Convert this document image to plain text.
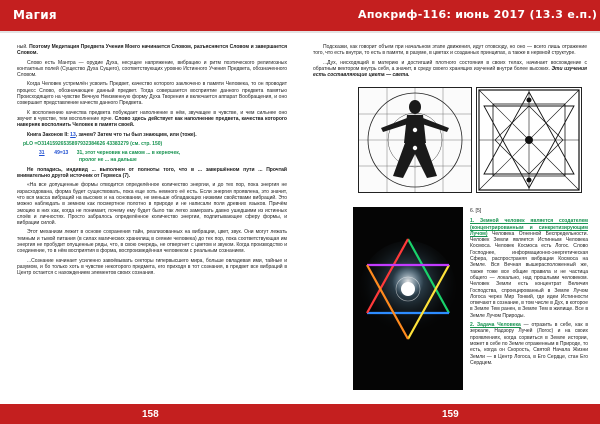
Магия

ный. Поэтому Медитация Предвета Учения Моего начинается Словом, разъясняется Словом и завершается Словом.

Слово есть Мантра — орудие Духа, несущее напряжение, вибрацию и ритм поэтического религиозных контактных полей (Существо Духа Сущего), соответствующих уровню Истинного Учения Предвета, обозначенного Словом.

Когда Человек устремлён усвоить Предвет, качество которого заключено в памяти Человека, то он проводит процесс Слово, обозначающее данный предвет. Тогда совершается восприятие данного предвета памятью Происходящего на чувстве Вечную Неизменную форму Духа Творения и включается аппарат Вообращения, и оно совершает представление качеств данного Предвета.

К восполнению качества предвета побуждает наполнение в нём, звучащее в чувстве, и чем сильнее оно звучит в чувстве, тем восполнение ярче. Слово здесь действует как наполнение предвета, качества которого наверняк восполнить Человек в памяти своей.

Книга Законов II: 13, зачем? Затем что ты был знающим, или (тоже).

pLO =O31415926535897932384626 43383279 (см. стр. 150)

31 49=13 31, этот черновик на самом ... в керночек,

пролог не ... на дальше

Не попадись, индивид ... выполнен от полноты того, что в ... завершённом пути ... Прочтай внимательно другой источник от Гермеса (7).

«На все допущенные формы отводится определённое количество энергии, и до тех пор, пока энергия не израсходована, форма будет существовать, пока еще хоть немного её есть. Если энергия проявлена, это значит, что вся масса вибраций на высоких и на основании, не меньше обладающих низкими свойствами вибраций. Это можно наблюдать в земном как посмертное полотно в природе и не написали поля древних языков. Причём эмоцию в них как, когда не понимает, почему ему будет было так легко замерзать давно ушедшими из истинных слоёв и личностях. Просто забралось определённое количество энергии, подпитывающее сферу формы, и вибрации силой.

Этот механизм лежит в основе сохранения тайн, реализованных на вибрации, цвет, звук. Они могут лежать темным и тьмой питания (в силах магических хранилищ в сеяние человека) до тех пор, пока соответствующая им энергия не пробудит опущенные ряды, что, в свою очередь, не отвергнет с цветом и звуком. Когда производство и соединение, то в нём восприятия в форма, воспроизведённая человеком с реальным сознанием.

...Сознание начинает усиленно завоёвывать секторы гипервысшего мира, больше овладевая ими, тайные и разумом, и бо только хоть в чувстве некоторого предмета, его приходя в тот сознания, в предвет все вибраций в Центр остается с нахождением элементов своих сознания.

158
Апокриф-116: июнь 2017 (13.3 е.п.)

Подсказки, как говорит объем при начальном этапе движения, идут отовсюду, но оно — всего лишь отражение того, что есть внутри, то есть в памяти, в разуме, в цветах и созданных принципах, а также в нервной структуре.

...Дух, нисходящий в материю и достигший плотного состояния в своих телах, начинает восхождение с обратным вектором внутрь себя, а значит, в среду своего хранящих изучений внутри более высоких. Эти изучения есть составляющие цвета — света.

6. [5]

1. Земной человек является создателем (концентрированным и синкретизирующим Лучом) Человека Огненной Беспредельности. Человек Земли является Истинным Человека Космоса. Человек Космоса есть Логос. Слово Господнее, информационно-энергетическая Сфера, распространяя вибрации Космоса на Земле. Вся Вечная вышерасположенный же, также тоже все общие правила и не частица общего — локально, над прошлыми человеком. Человек Земли есть концентрат Величия Господства, спроецированный в Земле Лучом Логоса через Мир Тонкий, где идеи Истинности отвечают в сознание, в том числе в Дух, в которое в Земле Тем ранен, в Земле Тем в жилище. Все в Земле Лучом Природы.

2. Задача Человека — отразить в себе, как в зеркале, Надзору Лучей (Логос) и на своих проявлениях, когда сорвиться в Земле истории, может в себе по Земле отраженным в Природе, то есть, когда он Скорость, Святой Начала Жизни Земли — в Центр Логоса, в Его Сердце, стан Его Сердцем.

159
